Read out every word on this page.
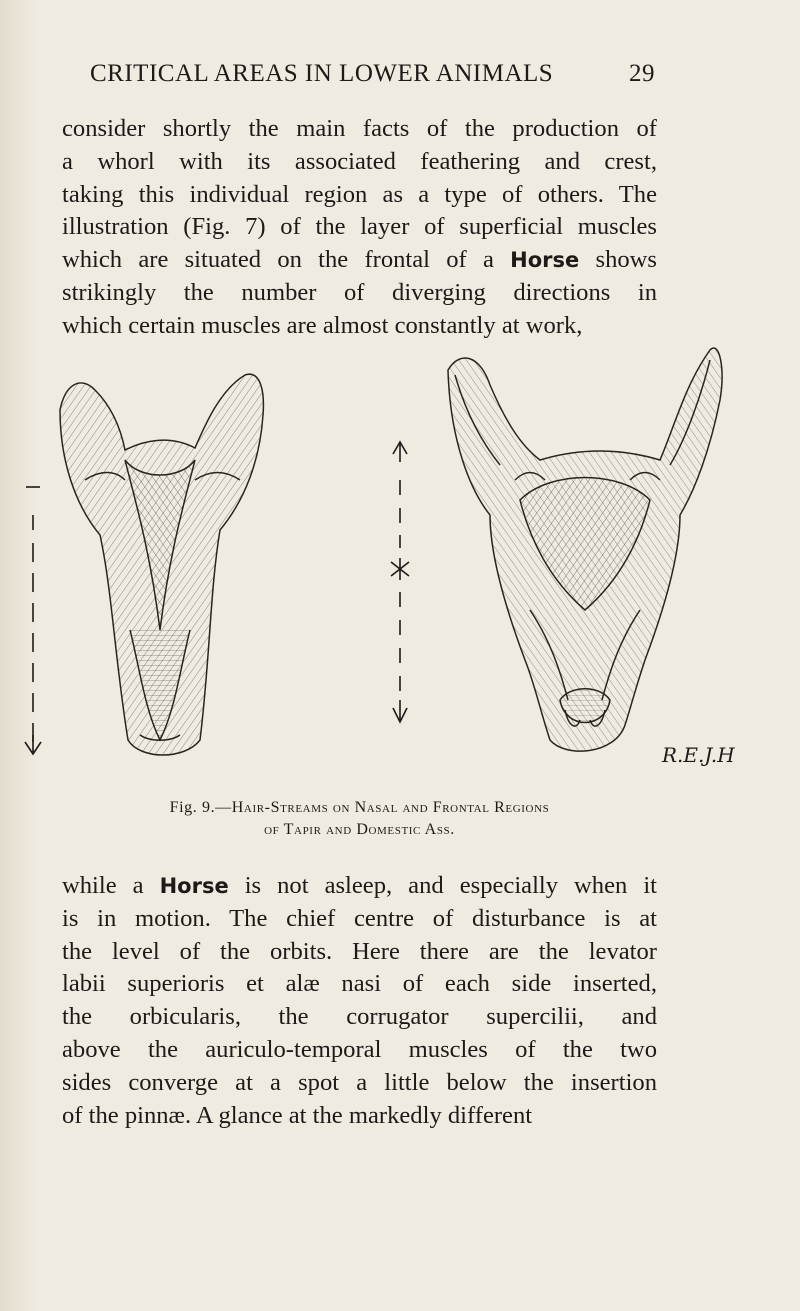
CRITICAL AREAS IN LOWER ANIMALS	29
consider shortly the main facts of the production of
a whorl with its associated feathering and crest,
taking this individual region as a type of others. The
illustration (Fig. 7) of the layer of superficial muscles
which are situated on the frontal of a Horse shows
strikingly the number of diverging directions in
which certain muscles are almost constantly at work,
R.E.J.H
Fig. 9.—Hair-Streams on Nasal and Frontal Regions
of Tapir and Domestic Ass.
while a Horse is not asleep, and especially when it
is in motion. The chief centre of disturbance is at
the level of the orbits. Here there are the levator
labii superioris et alæ nasi of each side inserted,
the orbicularis, the corrugator supercilii, and
above the auriculo-temporal muscles of the two
sides converge at a spot a little below the insertion
of the pinnæ. A glance at the markedly different
